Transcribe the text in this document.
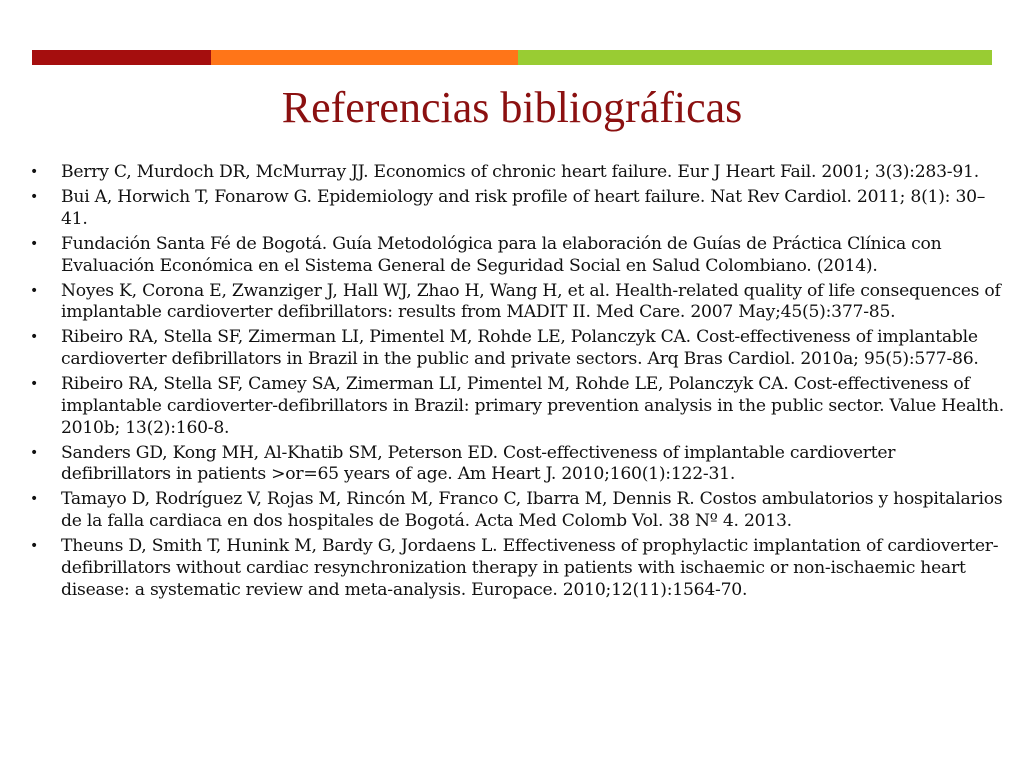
Referencias bibliográficas
• Berry C, Murdoch DR, McMurray JJ. Economics of chronic heart failure. Eur J Heart Fail. 2001; 3(3):283-91.
• Bui A, Horwich T, Fonarow G. Epidemiology and risk profile of heart failure. Nat Rev Cardiol. 2011; 8(1): 30–41.
• Fundación Santa Fé de Bogotá. Guía Metodológica para la elaboración de Guías de Práctica Clínica con Evaluación Económica en el Sistema General de Seguridad Social en Salud Colombiano. (2014).
• Noyes K, Corona E, Zwanziger J, Hall WJ, Zhao H, Wang H, et al. Health-related quality of life consequences of implantable cardioverter defibrillators: results from MADIT II. Med Care. 2007 May;45(5):377-85.
• Ribeiro RA, Stella SF, Zimerman LI, Pimentel M, Rohde LE, Polanczyk CA. Cost-effectiveness of implantable cardioverter defibrillators in Brazil in the public and private sectors. Arq Bras Cardiol. 2010a; 95(5):577-86.
• Ribeiro RA, Stella SF, Camey SA, Zimerman LI, Pimentel M, Rohde LE, Polanczyk CA. Cost-effectiveness of implantable cardioverter-defibrillators in Brazil: primary prevention analysis in the public sector. Value Health. 2010b; 13(2):160-8.
• Sanders GD, Kong MH, Al-Khatib SM, Peterson ED. Cost-effectiveness of implantable cardioverter defibrillators in patients >or=65 years of age. Am Heart J. 2010;160(1):122-31.
• Tamayo D, Rodríguez V, Rojas M, Rincón M, Franco C, Ibarra M, Dennis R. Costos ambulatorios y hospitalarios de la falla cardiaca en dos hospitales de Bogotá. Acta Med Colomb Vol. 38 Nº 4. 2013.
• Theuns D, Smith T, Hunink M, Bardy G, Jordaens L. Effectiveness of prophylactic implantation of cardioverter-defibrillators without cardiac resynchronization therapy in patients with ischaemic or non-ischaemic heart disease: a systematic review and meta-analysis. Europace. 2010;12(11):1564-70.
